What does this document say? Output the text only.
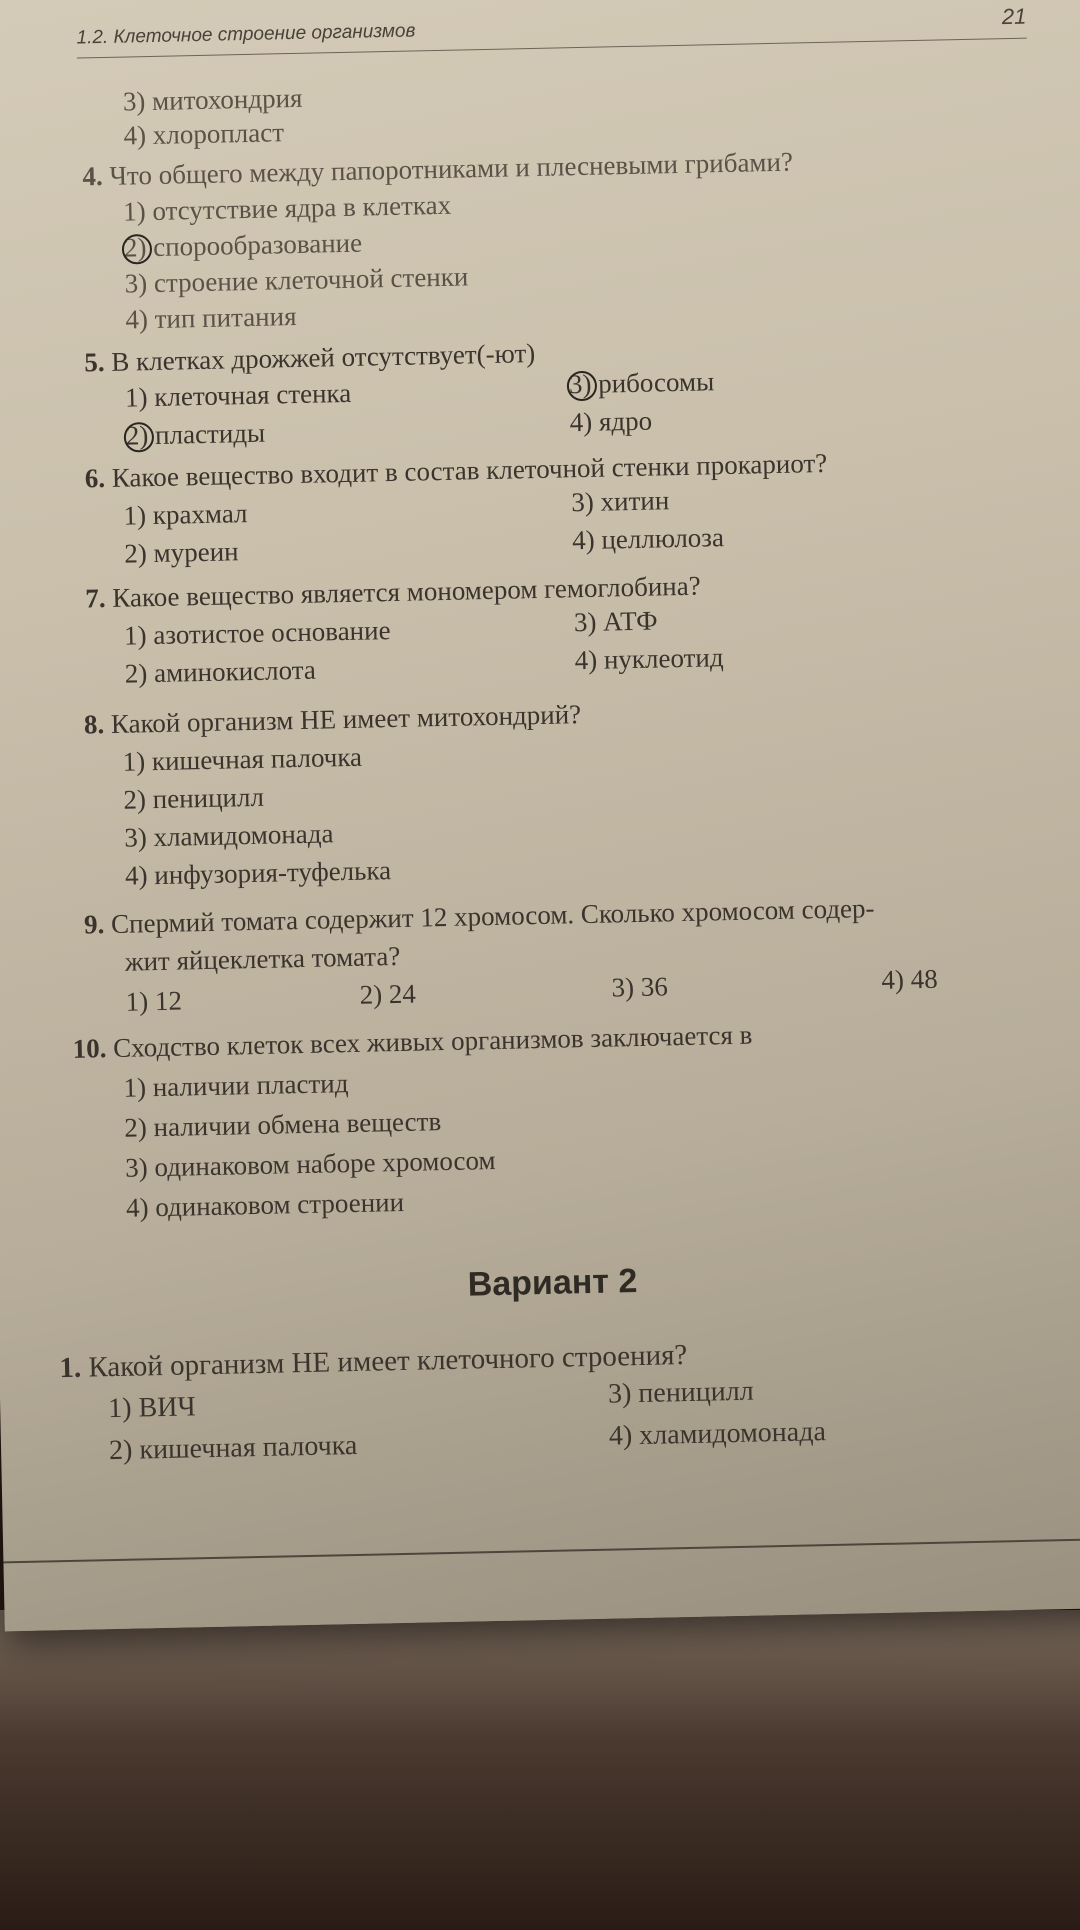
1.2. Клеточное строение организмов
21
3) митохондрия
4) хлоропласт
4. Что общего между папоротниками и плесневыми грибами?
1) отсутствие ядра в клетках
2) спорообразование
3) строение клеточной стенки
4) тип питания
5. В клетках дрожжей отсутствует(-ют)
1) клеточная стенка
2) пластиды
3) рибосомы
4) ядро
6. Какое вещество входит в состав клеточной стенки прокариот?
1) крахмал
2) муреин
3) хитин
4) целлюлоза
7. Какое вещество является мономером гемоглобина?
1) азотистое основание
2) аминокислота
3) АТФ
4) нуклеотид
8. Какой организм НЕ имеет митохондрий?
1) кишечная палочка
2) пеницилл
3) хламидомонада
4) инфузория-туфелька
9. Спермий томата содержит 12 хромосом. Сколько хромосом содер-
жит яйцеклетка томата?
1) 12	2) 24	3) 36	4) 48
10. Сходство клеток всех живых организмов заключается в
1) наличии пластид
2) наличии обмена веществ
3) одинаковом наборе хромосом
4) одинаковом строении
Вариант 2
1. Какой организм НЕ имеет клеточного строения?
1) ВИЧ
2) кишечная палочка
3) пеницилл
4) хламидомонада
